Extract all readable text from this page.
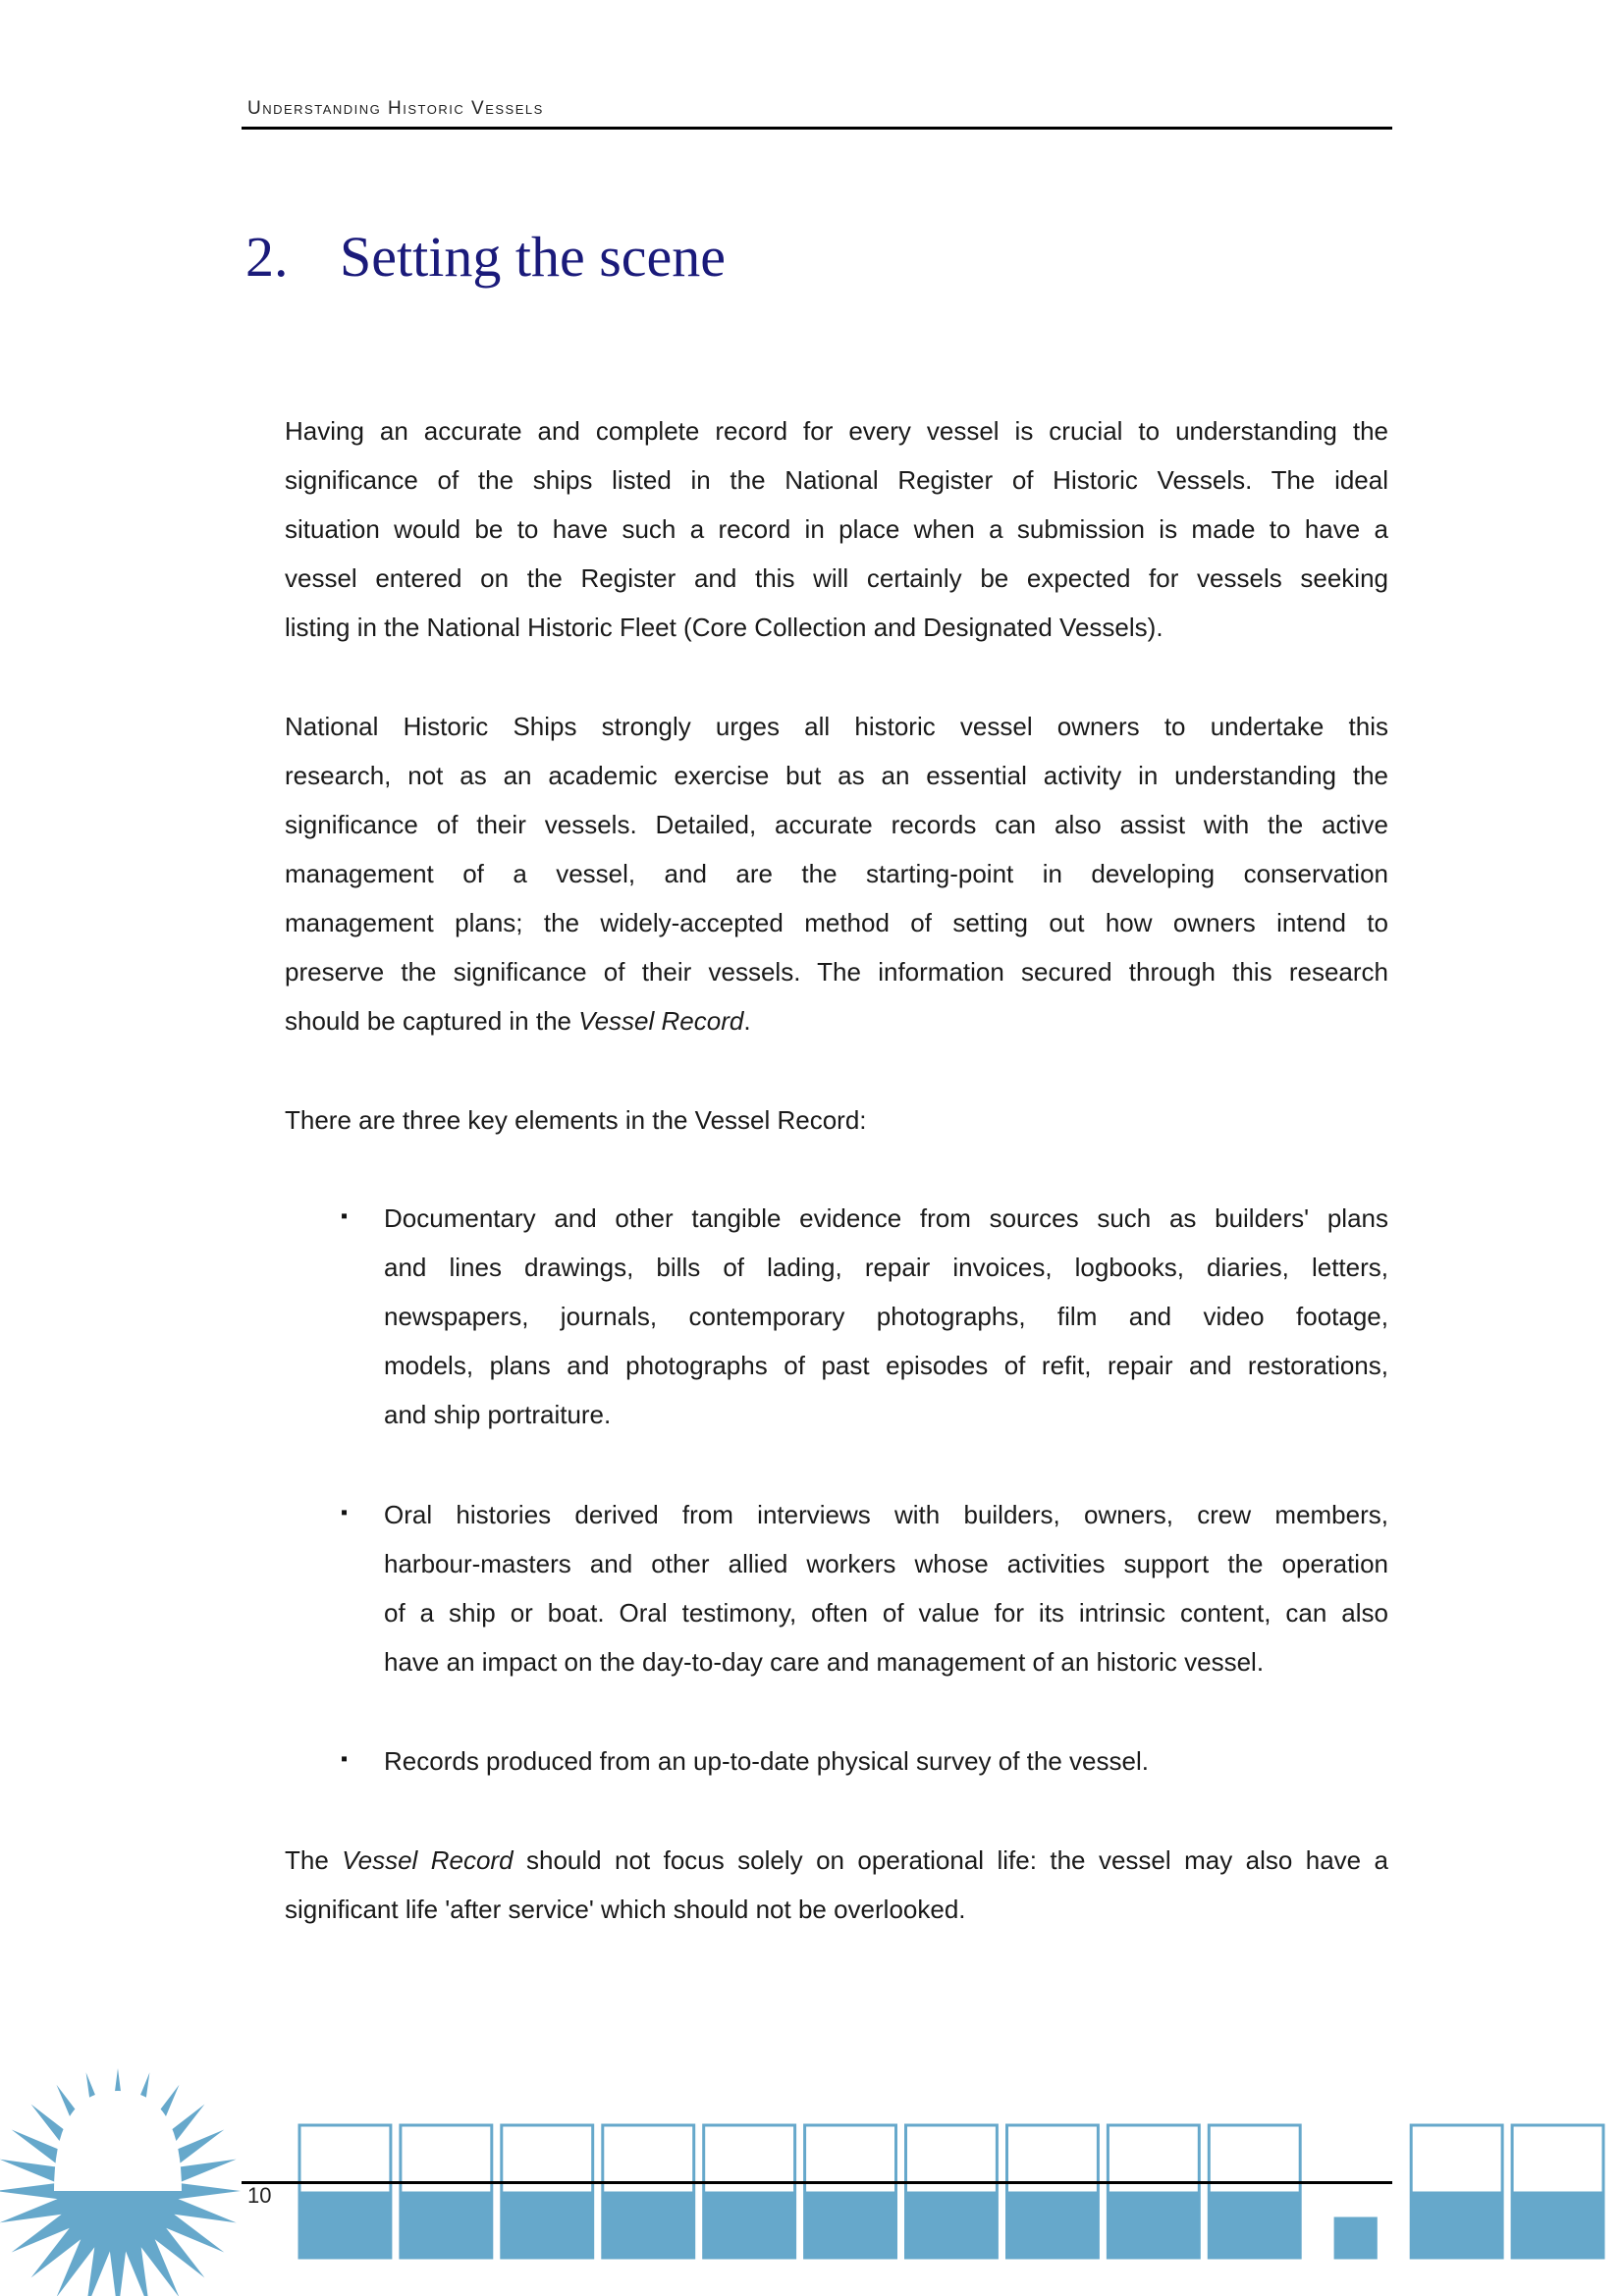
Understanding Historic Vessels
2. Setting the scene
Having an accurate and complete record for every vessel is crucial to understanding the
significance of the ships listed in the National Register of Historic Vessels. The ideal
situation would be to have such a record in place when a submission is made to have a
vessel entered on the Register and this will certainly be expected for vessels seeking
listing in the National Historic Fleet (Core Collection and Designated Vessels).
National Historic Ships strongly urges all historic vessel owners to undertake this
research, not as an academic exercise but as an essential activity in understanding the
significance of their vessels. Detailed, accurate records can also assist with the active
management of a vessel, and are the starting-point in developing conservation
management plans; the widely-accepted method of setting out how owners intend to
preserve the significance of their vessels. The information secured through this research
should be captured in the Vessel Record.
There are three key elements in the Vessel Record:
▪ Documentary and other tangible evidence from sources such as builders' plans
and lines drawings, bills of lading, repair invoices, logbooks, diaries, letters,
newspapers, journals, contemporary photographs, film and video footage,
models, plans and photographs of past episodes of refit, repair and restorations,
and ship portraiture.
▪ Oral histories derived from interviews with builders, owners, crew members,
harbour-masters and other allied workers whose activities support the operation
of a ship or boat. Oral testimony, often of value for its intrinsic content, can also
have an impact on the day-to-day care and management of an historic vessel.
▪ Records produced from an up-to-date physical survey of the vessel.
The Vessel Record should not focus solely on operational life: the vessel may also have a
significant life 'after service' which should not be overlooked.
10
